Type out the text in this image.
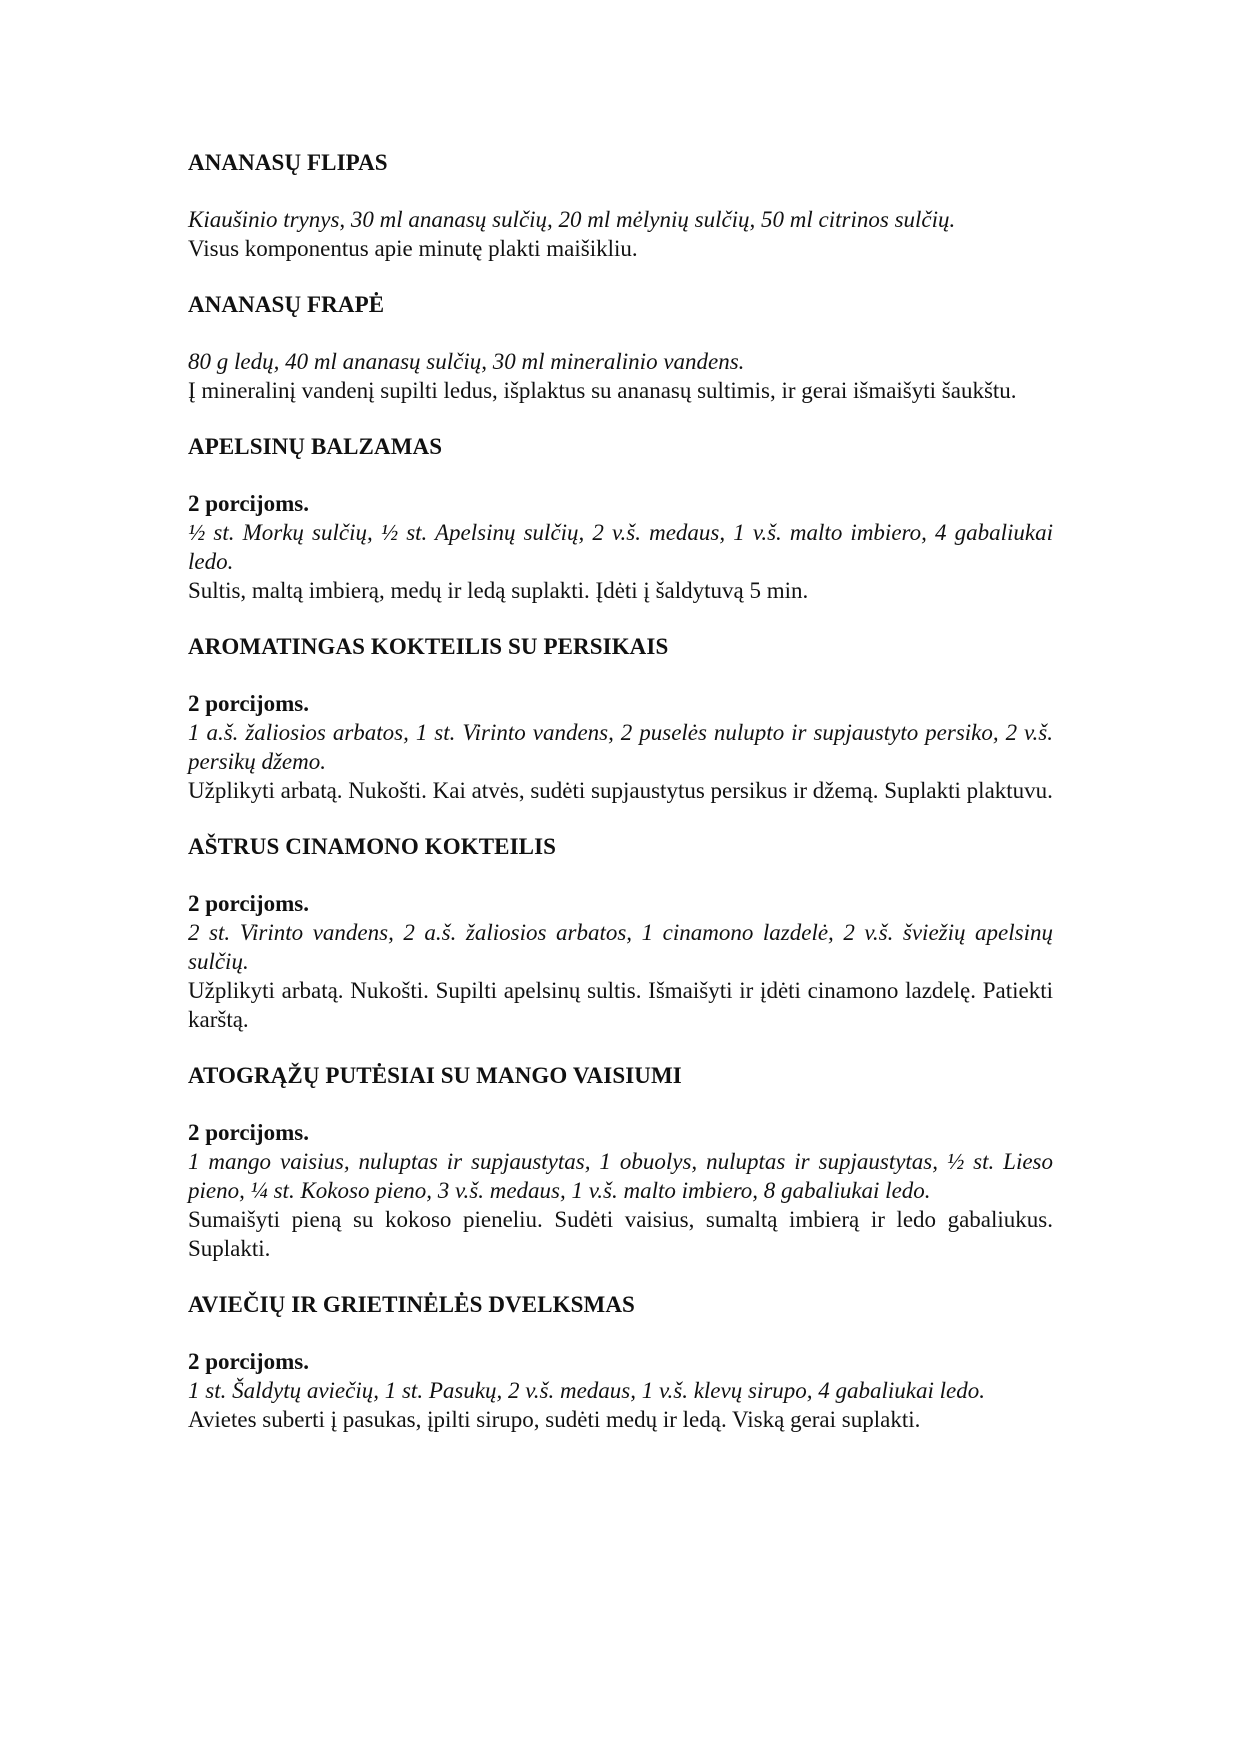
ANANASŲ FLIPAS

Kiaušinio trynys, 30 ml ananasų sulčių, 20 ml mėlynių sulčių, 50 ml citrinos sulčių.

Visus komponentus apie minutę plakti maišikliu.

ANANASŲ FRAPĖ

80 g ledų, 40 ml ananasų sulčių, 30 ml mineralinio vandens.

Į mineralinį vandenį supilti ledus, išplaktus su ananasų sultimis, ir gerai išmaišyti šaukštu.

APELSINŲ BALZAMAS

2 porcijoms.

½ st. Morkų sulčių, ½ st. Apelsinų sulčių, 2 v.š. medaus, 1 v.š. malto imbiero, 4 gabaliukai ledo.

Sultis, maltą imbierą, medų ir ledą suplakti. Įdėti į šaldytuvą 5 min.

AROMATINGAS KOKTEILIS SU PERSIKAIS

2 porcijoms.

1 a.š. žaliosios arbatos, 1 st. Virinto vandens, 2 puselės nulupto ir supjaustyto persiko, 2 v.š. persikų džemo.

Užplikyti arbatą. Nukošti. Kai atvės, sudėti supjaustytus persikus ir džemą. Suplakti plaktuvu.

AŠTRUS CINAMONO KOKTEILIS

2 porcijoms.

2 st. Virinto vandens, 2 a.š. žaliosios arbatos, 1 cinamono lazdelė, 2 v.š. šviežių apelsinų sulčių.

Užplikyti arbatą. Nukošti. Supilti apelsinų sultis. Išmaišyti ir įdėti cinamono lazdelę. Patiekti karštą.

ATOGRĄŽŲ PUTĖSIAI SU MANGO VAISIUMI

2 porcijoms.

1 mango vaisius, nuluptas ir supjaustytas, 1 obuolys, nuluptas ir supjaustytas, ½ st. Lieso pieno, ¼ st. Kokoso pieno, 3 v.š. medaus, 1 v.š. malto imbiero, 8 gabaliukai ledo.

Sumaišyti pieną su kokoso pieneliu. Sudėti vaisius, sumaltą imbierą ir ledo gabaliukus. Suplakti.

AVIEČIŲ IR GRIETINĖLĖS DVELKSMAS

2 porcijoms.

1 st. Šaldytų aviečių, 1 st. Pasukų, 2 v.š. medaus, 1 v.š. klevų sirupo, 4 gabaliukai ledo.

Avietes suberti į pasukas, įpilti sirupo, sudėti medų ir ledą. Viską gerai suplakti.
